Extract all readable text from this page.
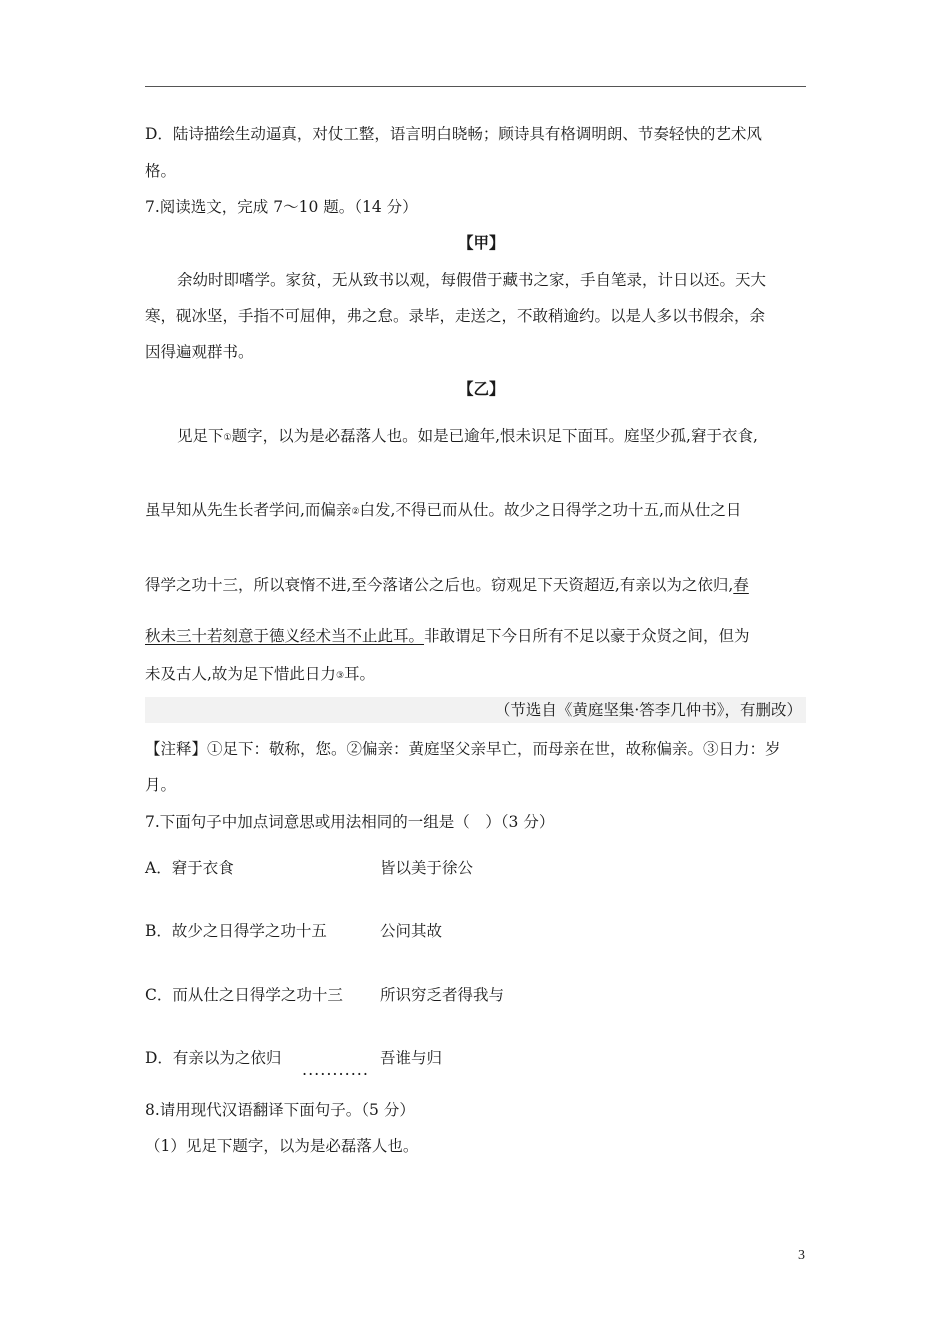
D．陆诗描绘生动逼真，对仗工整，语言明白晓畅；顾诗具有格调明朗、节奏轻快的艺术风
格。
7.阅读选文，完成 7～10 题。（14 分）
【甲】
余幼时即嗜学。家贫，无从致书以观，每假借于藏书之家，手自笔录，计日以还。天大
寒，砚冰坚，手指不可屈伸，弗之怠。录毕，走送之，不敢稍逾约。以是人多以书假余，余
因得遍观群书。
【乙】
见足下①题字，以为是必磊落人也。如是已逾年,恨未识足下面耳。庭坚少孤,窘于衣食,
虽早知从先生长者学问,而偏亲②白发,不得已而从仕。故少之日得学之功十五,而从仕之日
得学之功十三，所以衰惰不进,至今落诸公之后也。窃观足下天资超迈,有亲以为之依归,春
秋未三十若刻意于德义经术当不止此耳。非敢谓足下今日所有不足以豪于众贤之间，但为
未及古人,故为足下惜此日力③耳。
（节选自《黄庭坚集·答李几仲书》，有删改）
【注释】①足下：敬称，您。②偏亲：黄庭坚父亲早亡，而母亲在世，故称偏亲。③日力：岁
月。
7.下面句子中加点词意思或用法相同的一组是（　）（3 分）
A．窘于衣食	皆以美于徐公
B．故少之日得学之功十五	公问其故
C．而从仕之日得学之功十三 所识穷乏者得我与
D．有亲以为之依归
...........
吾谁与归
8.请用现代汉语翻译下面句子。（5 分）
（1）见足下题字，以为是必磊落人也。
3
